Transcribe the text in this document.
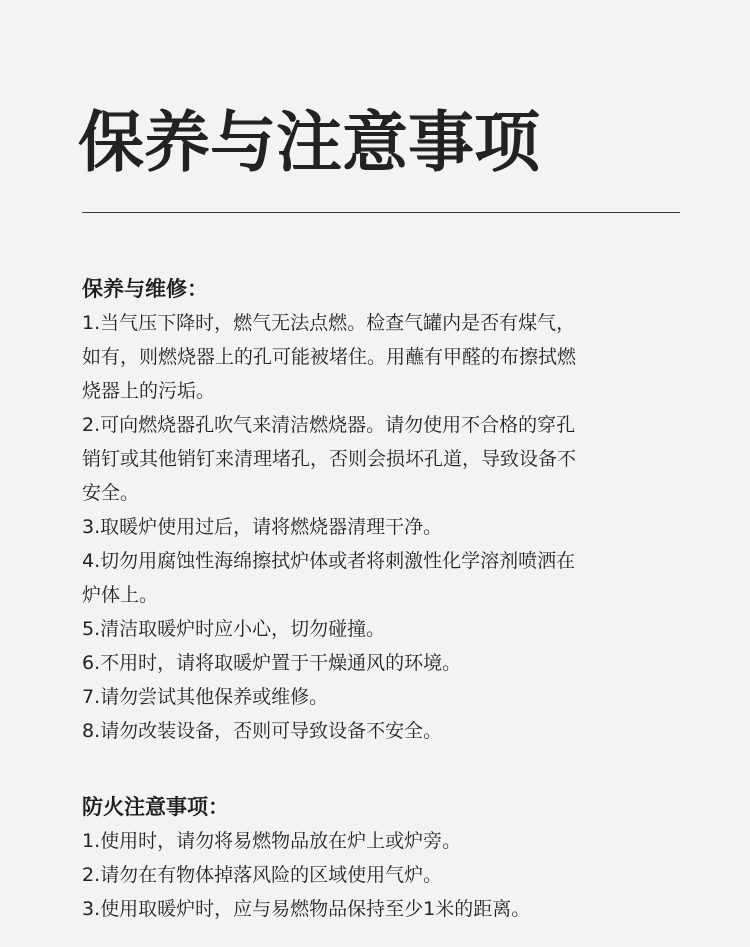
保养与注意事项
保养与维修：
1.当气压下降时，燃气无法点燃。检查气罐内是否有煤气，
如有，则燃烧器上的孔可能被堵住。用蘸有甲醛的布擦拭燃
烧器上的污垢。
2.可向燃烧器孔吹气来清洁燃烧器。请勿使用不合格的穿孔
销钉或其他销钉来清理堵孔，否则会损坏孔道，导致设备不
安全。
3.取暖炉使用过后，请将燃烧器清理干净。
4.切勿用腐蚀性海绵擦拭炉体或者将刺激性化学溶剂喷洒在
炉体上。
5.清洁取暖炉时应小心，切勿碰撞。
6.不用时，请将取暖炉置于干燥通风的环境。
7.请勿尝试其他保养或维修。
8.请勿改装设备，否则可导致设备不安全。
防火注意事项：
1.使用时，请勿将易燃物品放在炉上或炉旁。
2.请勿在有物体掉落风险的区域使用气炉。
3.使用取暖炉时，应与易燃物品保持至少1米的距离。
